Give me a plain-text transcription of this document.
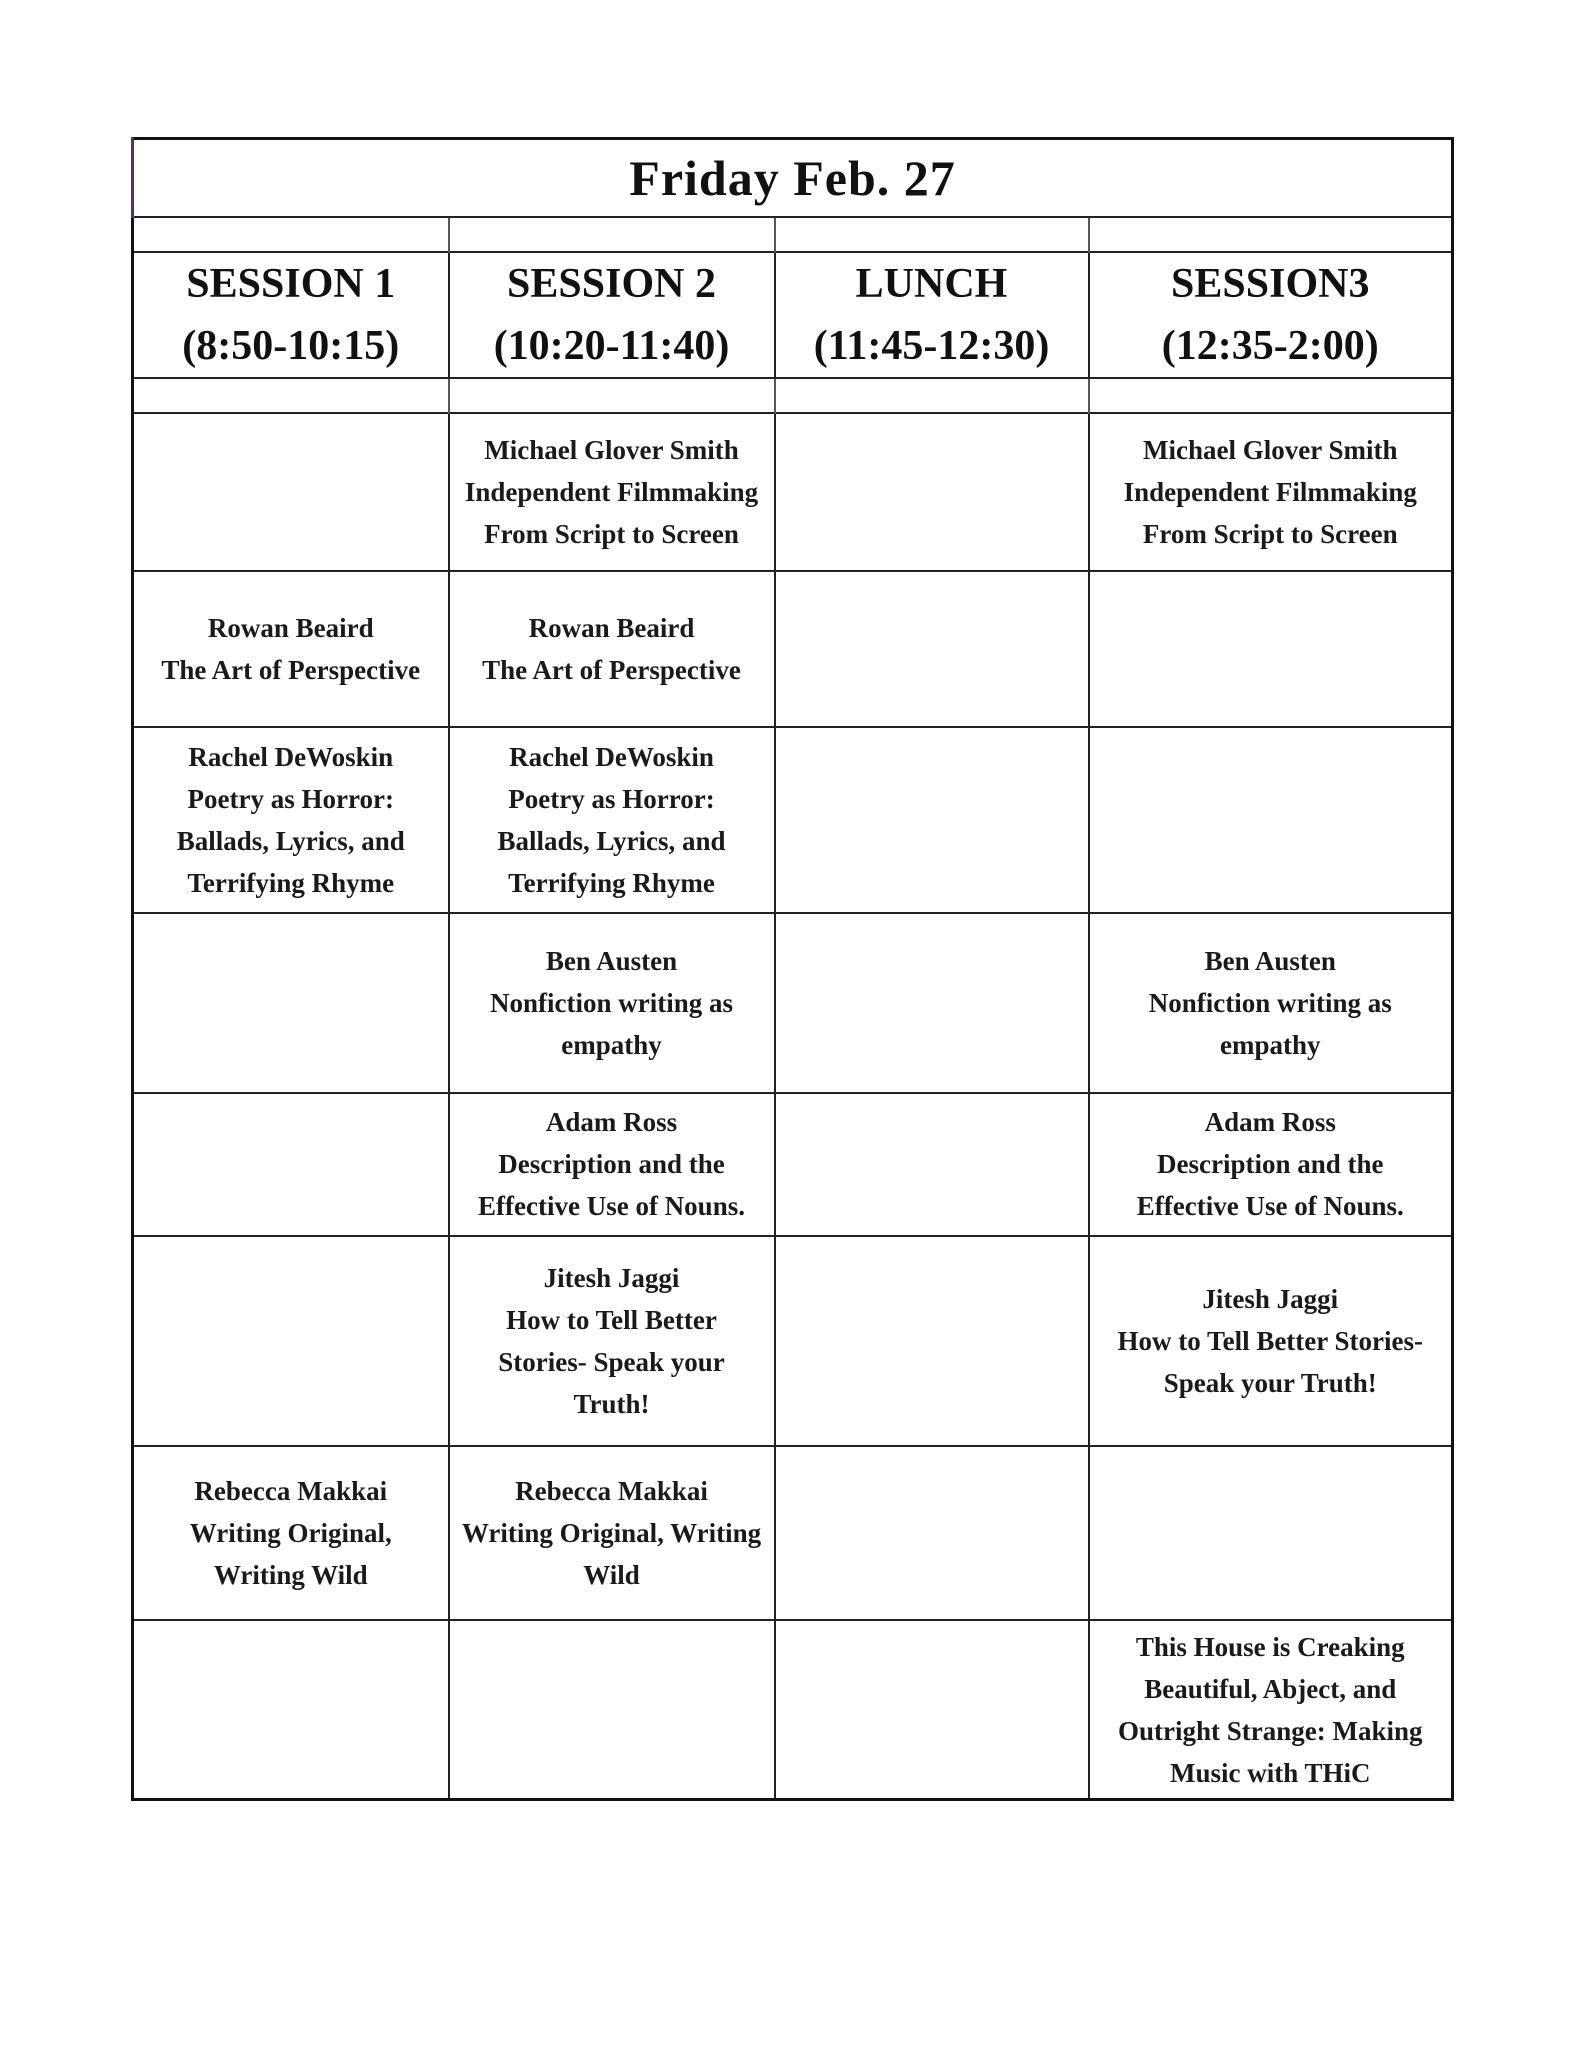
Friday Feb. 27			

SESSION 1
(8:50-10:15)	SESSION 2
(10:20-11:40)	LUNCH
(11:45-12:30)	SESSION3
(12:35-2:00)

	Michael Glover Smith
Independent Filmmaking
From Script to Screen		Michael Glover Smith
Independent Filmmaking
From Script to Screen

Rowan Beaird
The Art of Perspective	Rowan Beaird
The Art of Perspective		

Rachel DeWoskin
Poetry as Horror:
Ballads, Lyrics, and
Terrifying Rhyme	Rachel DeWoskin
Poetry as Horror:
Ballads, Lyrics, and
Terrifying Rhyme		

	Ben Austen
Nonfiction writing as
empathy		Ben Austen
Nonfiction writing as
empathy

	Adam Ross
Description and the
Effective Use of Nouns.		Adam Ross
Description and the
Effective Use of Nouns.

	Jitesh Jaggi
How to Tell Better
Stories- Speak your
Truth!		Jitesh Jaggi
How to Tell Better Stories-
Speak your Truth!

Rebecca Makkai
Writing Original,
Writing Wild	Rebecca Makkai
Writing Original, Writing
Wild		

			This House is Creaking
Beautiful, Abject, and
Outright Strange: Making
Music with THiC
